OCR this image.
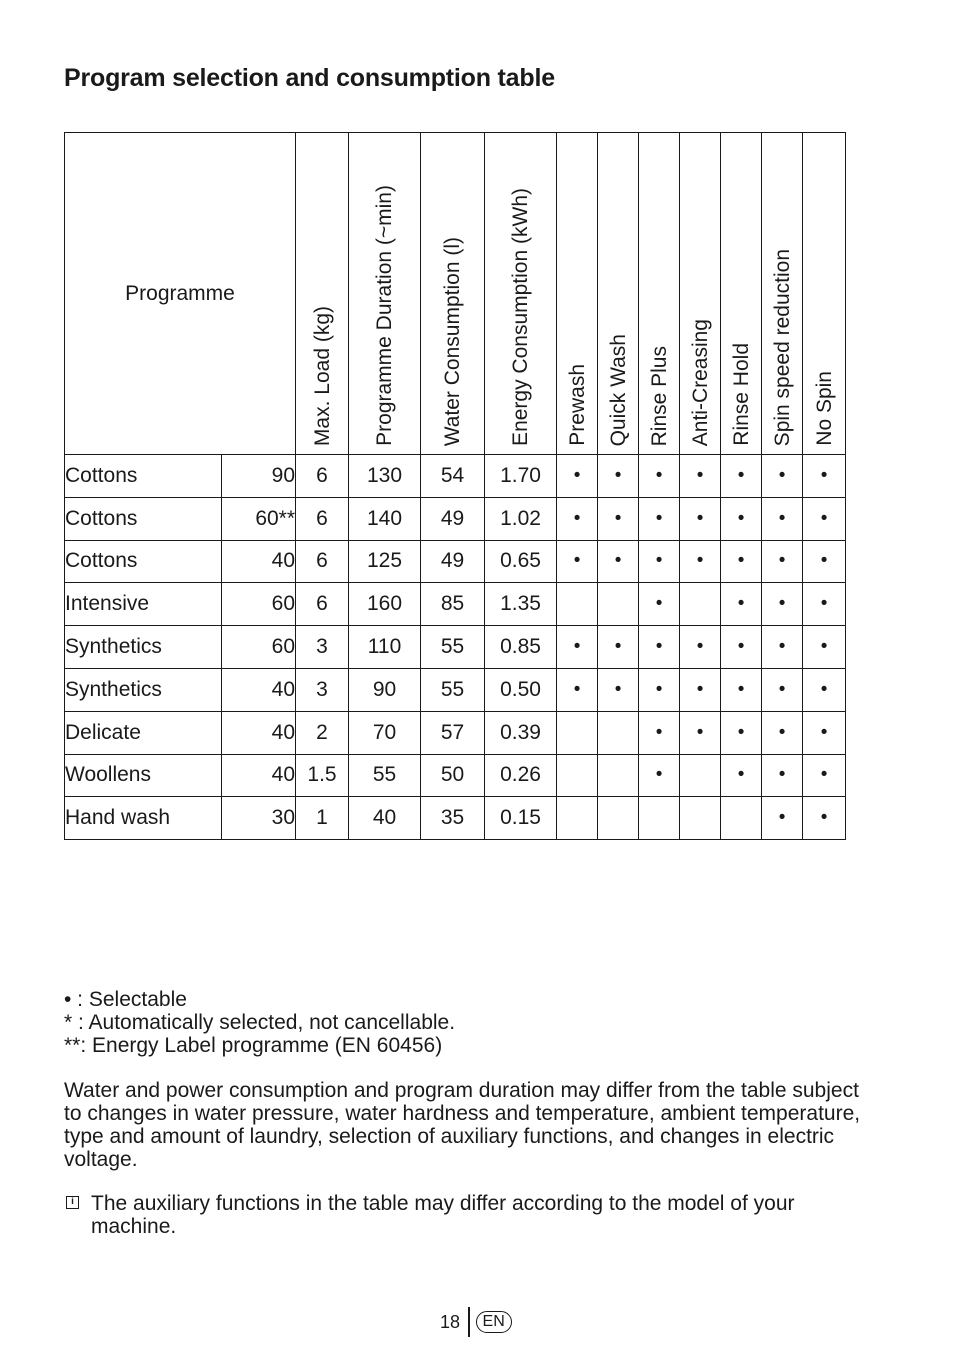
Program selection and consumption table
Programme		Max. Load (kg)	Programme Duration (~min)	Water Consumption (l)	Energy Consumption (kWh)	Prewash	Quick Wash	Rinse Plus	Anti-Creasing	Rinse Hold	Spin speed reduction	No Spin

Cottons	90	6	130	54	1.70	•	•	•	•	•	•	•
Cottons	60**	6	140	49	1.02	•	•	•	•	•	•	•
Cottons	40	6	125	49	0.65	•	•	•	•	•	•	•
Intensive	60	6	160	85	1.35			•		•	•	•
Synthetics	60	3	110	55	0.85	•	•	•	•	•	•	•
Synthetics	40	3	90	55	0.50	•	•	•	•	•	•	•
Delicate	40	2	70	57	0.39			•	•	•	•	•
Woollens	40	1.5	55	50	0.26			•		•	•	•
Hand wash	30	1	40	35	0.15						•	•

• : Selectable

* : Automatically selected, not cancellable.

**: Energy Label programme (EN 60456)

Water and power consumption and program duration may differ from the table subject to changes in water pressure, water hardness and temperature, ambient temperature, type and amount of laundry, selection of auxiliary functions, and changes in electric voltage.

i The auxiliary functions in the table may differ according to the model of your machine.
18	EN
